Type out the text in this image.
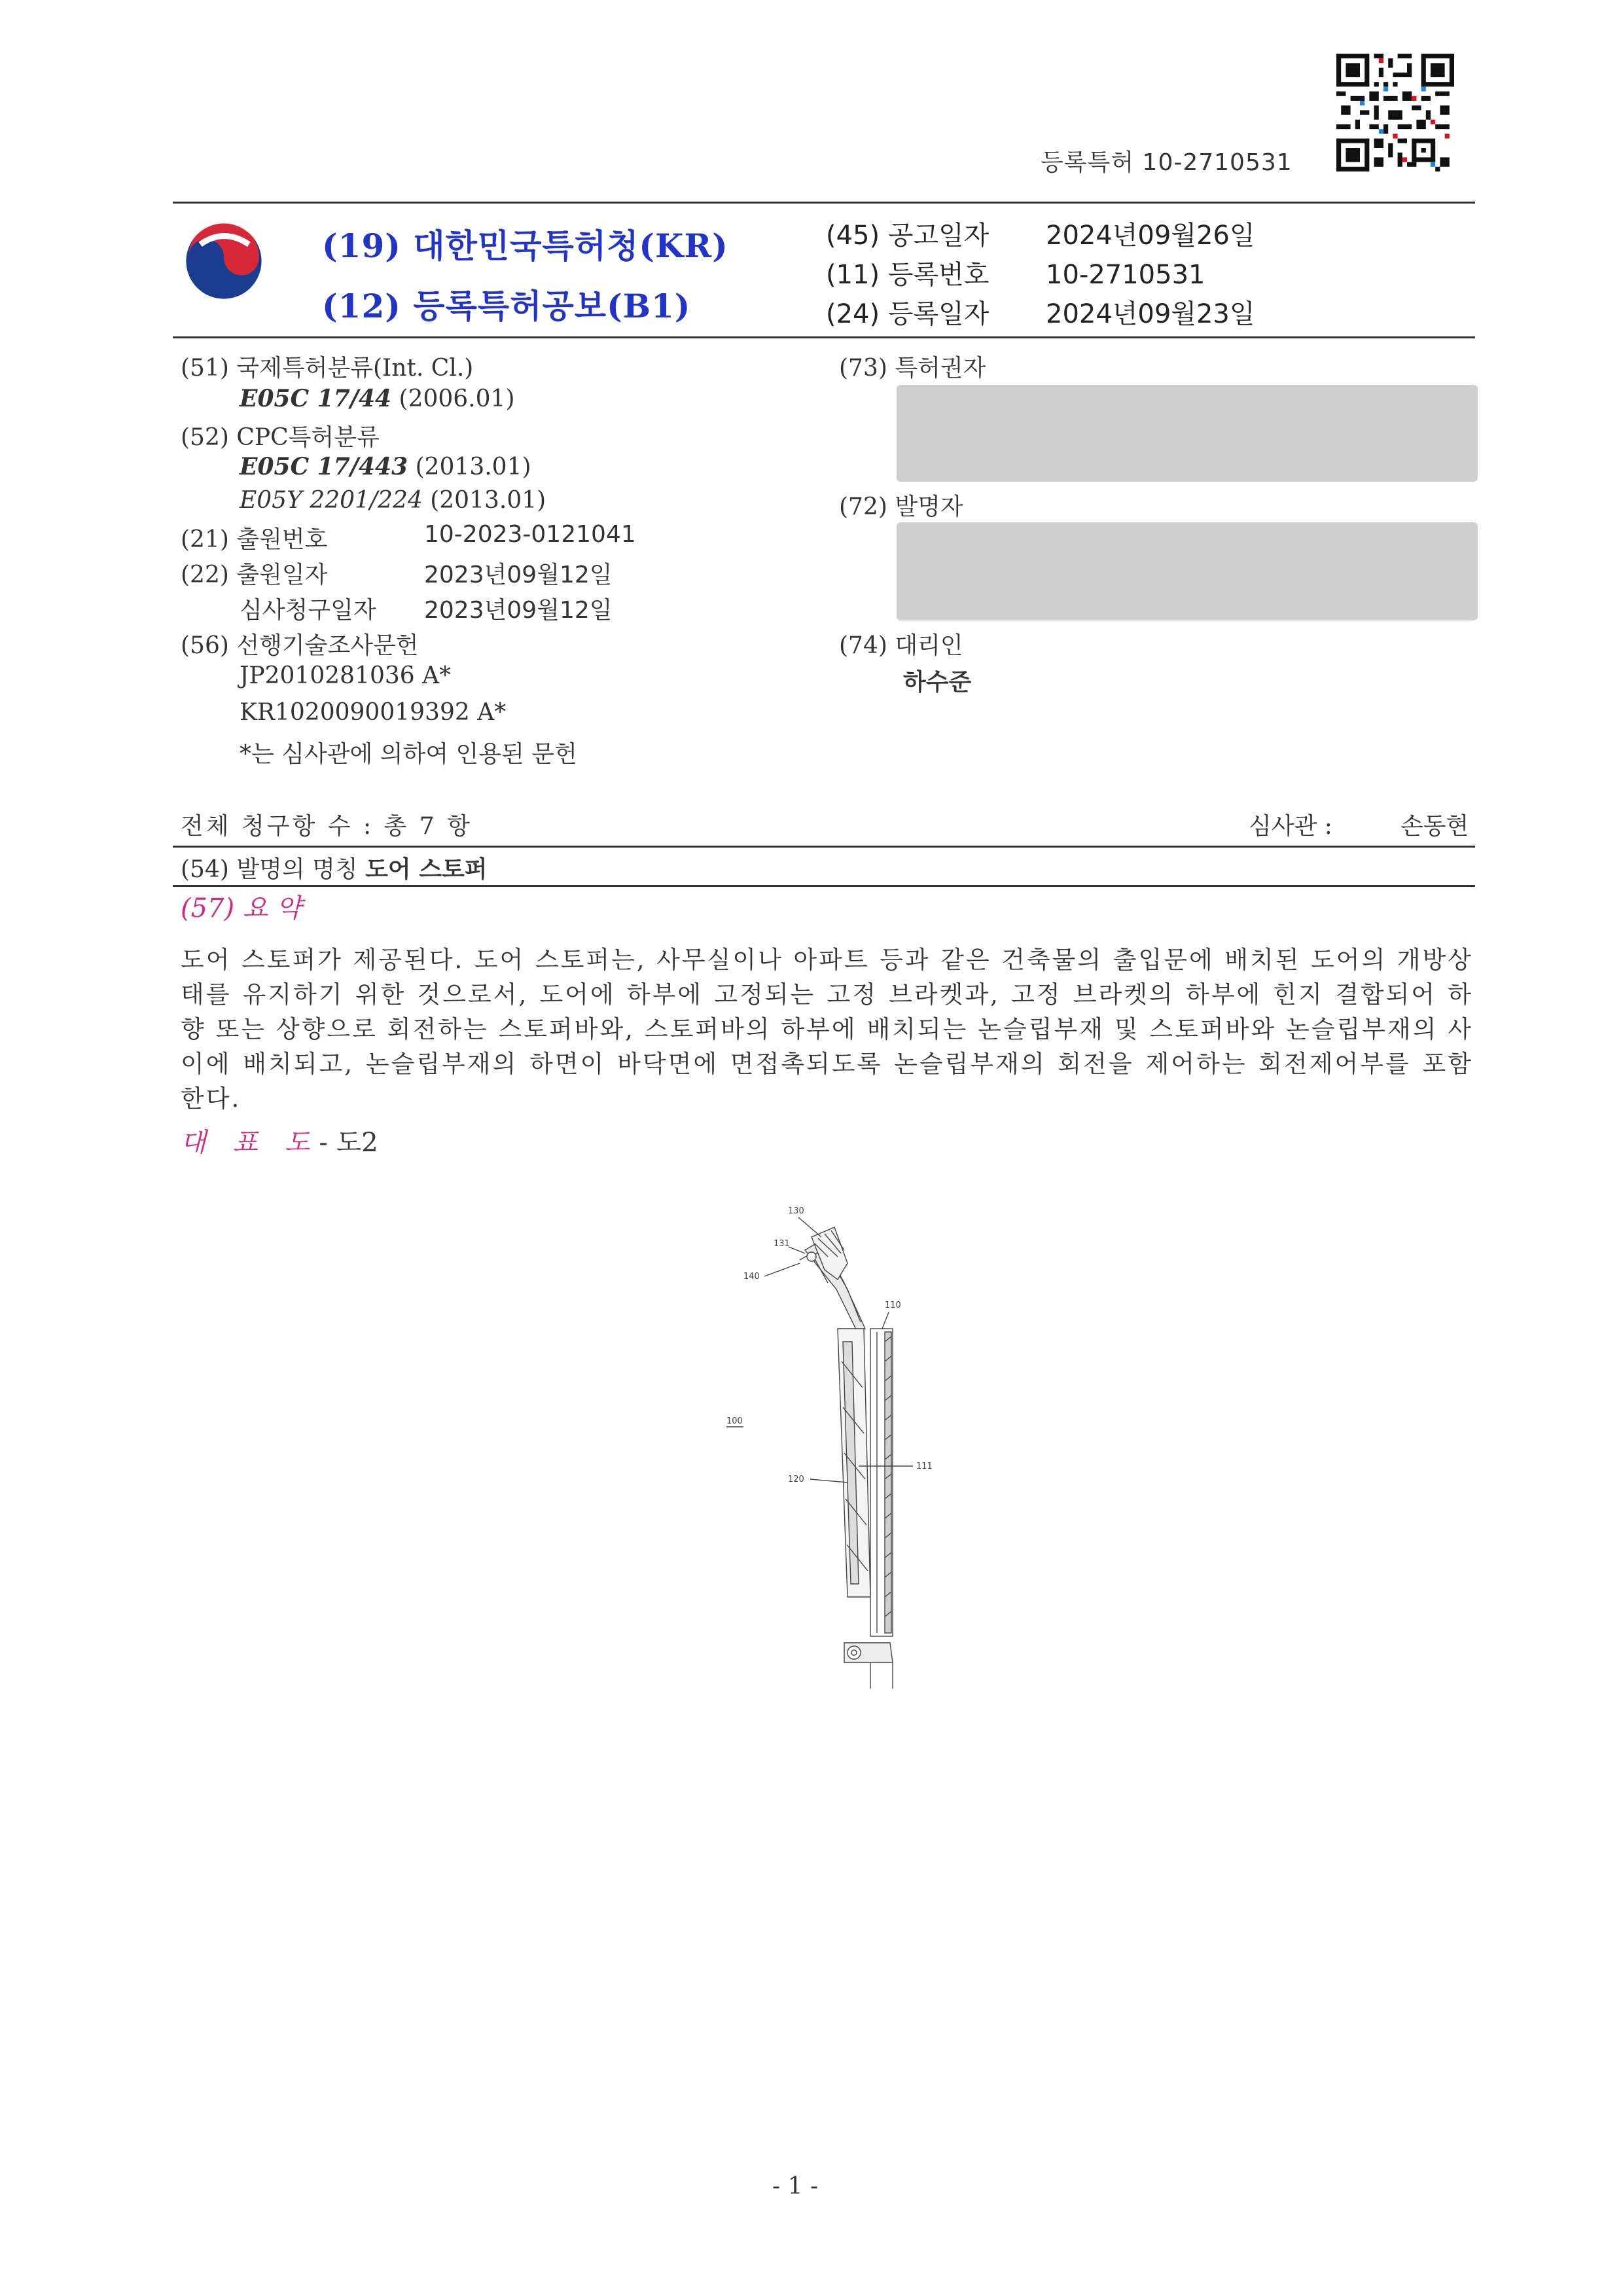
등록특허 10-2710531
(19) 대한민국특허청(KR)
(12) 등록특허공보(B1)
(45) 공고일자 2024년09월26일
(11) 등록번호 10-2710531
(24) 등록일자 2024년09월23일
(51) 국제특허분류(Int. Cl.)
E05C 17/44 (2006.01)
(52) CPC특허분류
E05C 17/443 (2013.01)
E05Y 2201/224 (2013.01)
(21) 출원번호	10-2023-0121041
(22) 출원일자	2023년09월12일
심사청구일자 2023년09월12일
(56) 선행기술조사문헌
JP2010281036 A*
KR1020090019392 A*
*는 심사관에 의하여 인용된 문헌
(73) 특허권자
(72) 발명자
(74) 대리인
하수준
전체 청구항 수 : 총 7 항	심사관 :	손동현
(54) 발명의 명칭 도어 스토퍼
(57) 요 약
도어 스토퍼가 제공된다. 도어 스토퍼는, 사무실이나 아파트 등과 같은 건축물의 출입문에 배치된 도어의 개방상태를 유지하기 위한 것으로서, 도어에 하부에 고정되는 고정 브라켓과, 고정 브라켓의 하부에 힌지 결합되어 하향 또는 상향으로 회전하는 스토퍼바와, 스토퍼바의 하부에 배치되는 논슬립부재 및 스토퍼바와 논슬립부재의 사이에 배치되고, 논슬립부재의 하면이 바닥면에 면접촉되도록 논슬립부재의 회전을 제어하는 회전제어부를 포함한다.
대 표 도- 도2
130
131
140
110
100
111
120
- 1 -
